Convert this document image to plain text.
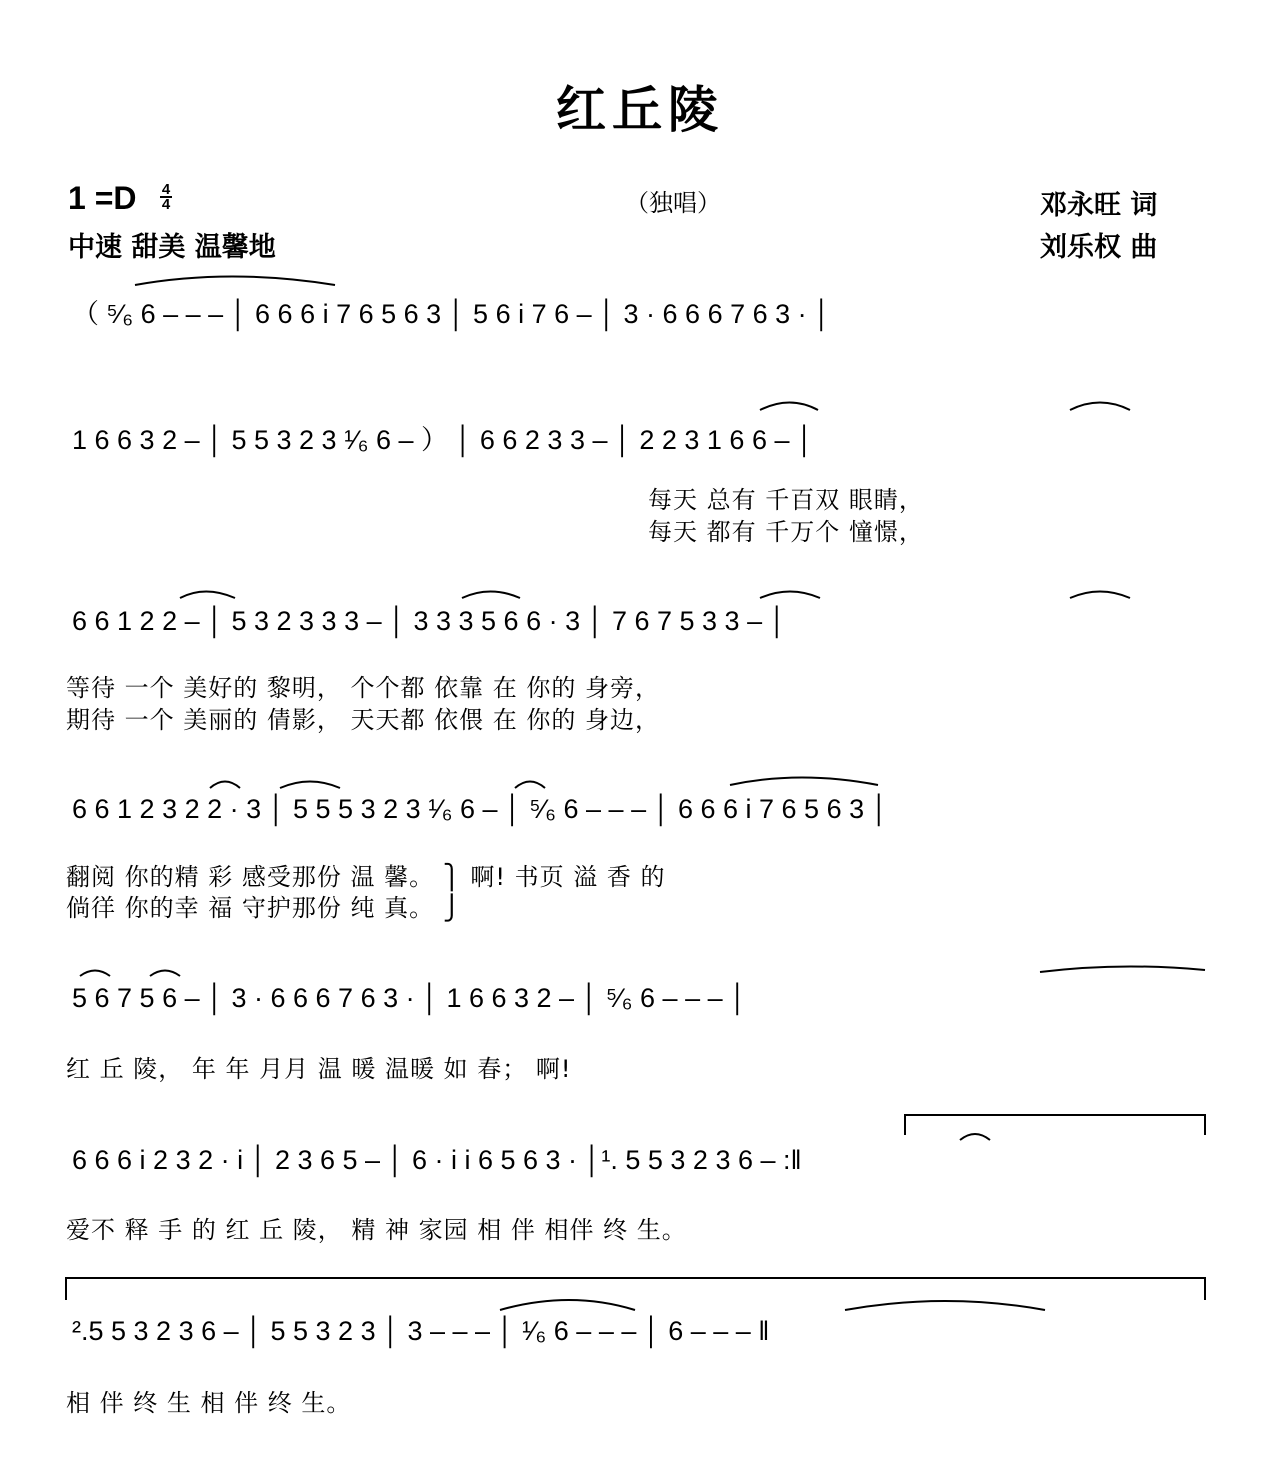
红丘陵
1 =D 4
4
中速 甜美 温馨地
（独唱）	邓永旺 词
刘乐权 曲
（ ⁵⁄₆ 6 – – – │ 6 6 6 i 7 6 5 6 3 │ 5 6 i 7 6 – │ 3 · 6 6 6 7 6 3 · │
1 6 6 3 2 – │ 5 5 3 2 3 ¹⁄₆ 6 – ） │ 6 6 2 3 3 – │ 2 2 3 1 6 6 – │
每天 总有 千百双 眼睛，
每天 都有 千万个 憧憬，
6 6 1 2 2 – │ 5 3 2 3 3 3 – │ 3 3 3 5 6 6 · 3 │ 7 6 7 5 3 3 – │
等待 一个 美好的 黎明， 个个都 依靠 在 你的 身旁，
期待 一个 美丽的 倩影， 天天都 依偎 在 你的 身边，
6 6 1 2 3 2 2 · 3 │ 5 5 5 3 2 3 ¹⁄₆ 6 – │ ⁵⁄₆ 6 – – – │ 6 6 6 i 7 6 5 6 3 │
翻阅 你的精 彩 感受那份 温 馨。 ⎫ 啊! 书页 溢 香 的
倘徉 你的幸 福 守护那份 纯 真。 ⎭
5 6 7 5 6 – │ 3 · 6 6 6 7 6 3 · │ 1 6 6 3 2 – │ ⁵⁄₆ 6 – – – │
红 丘 陵， 年 年 月月 温 暖 温暖 如 春； 啊!
6 6 6 i 2 3 2 · i │ 2 3 6 5 – │ 6 · i i 6 5 6 3 · │¹. 5 5 3 2 3 6 – :‖
爱不 释 手 的 红 丘 陵， 精 神 家园 相 伴 相伴 终 生。
².5 5 3 2 3 6 – │ 5 5 3 2 3 │ 3 – – – │ ¹⁄₆ 6 – – – │ 6 – – – ‖
相 伴 终 生 相 伴 终 生。
